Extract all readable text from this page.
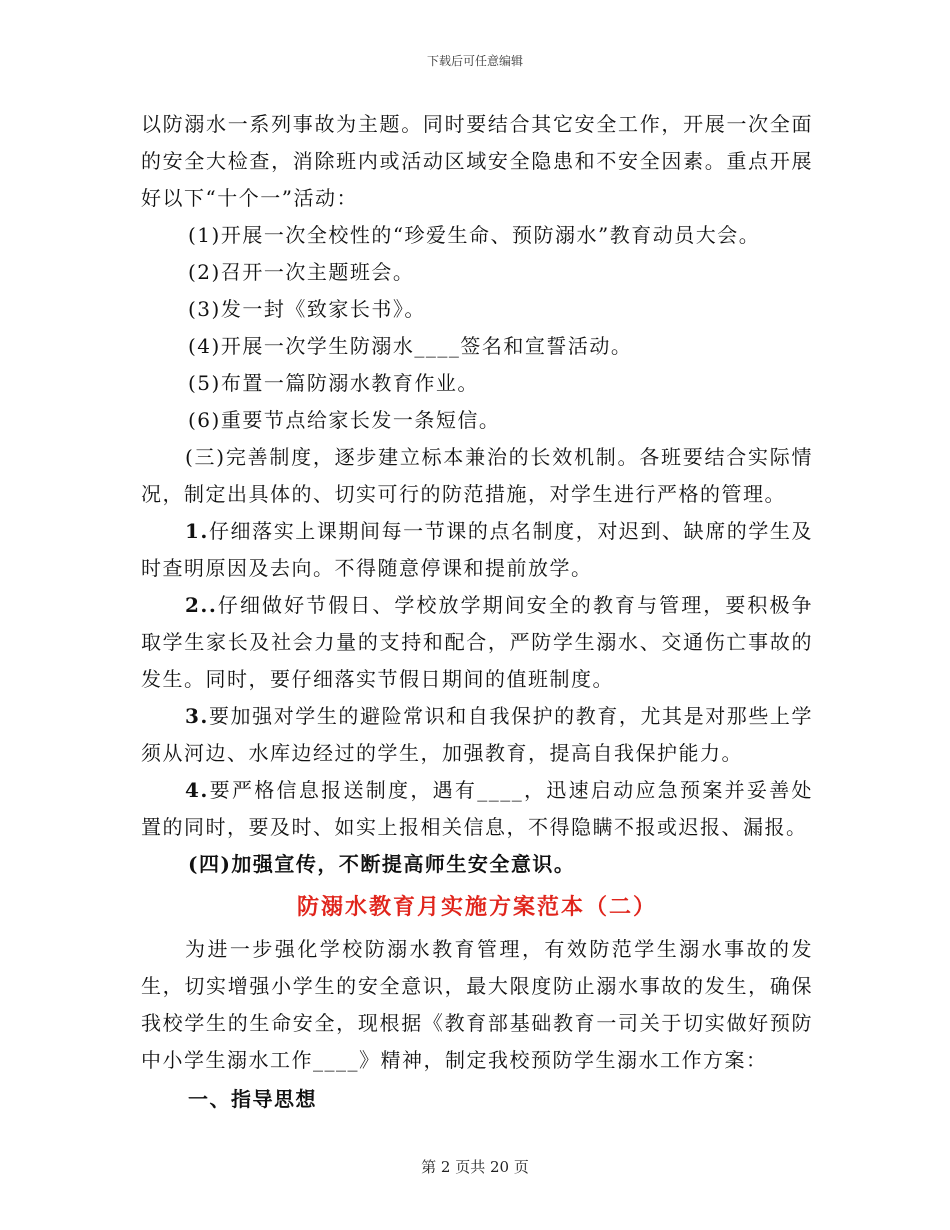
下载后可任意编辑

以防溺水一系列事故为主题。同时要结合其它安全工作，开展一次全面的安全大检查，消除班内或活动区域安全隐患和不安全因素。重点开展好以下“十个一”活动：

(1)开展一次全校性的“珍爱生命、预防溺水”教育动员大会。

(2)召开一次主题班会。

(3)发一封《致家长书》。

(4)开展一次学生防溺水____签名和宣誓活动。

(5)布置一篇防溺水教育作业。

(6)重要节点给家长发一条短信。

(三)完善制度，逐步建立标本兼治的长效机制。各班要结合实际情况，制定出具体的、切实可行的防范措施，对学生进行严格的管理。

1.仔细落实上课期间每一节课的点名制度，对迟到、缺席的学生及时查明原因及去向。不得随意停课和提前放学。

2..仔细做好节假日、学校放学期间安全的教育与管理，要积极争取学生家长及社会力量的支持和配合，严防学生溺水、交通伤亡事故的发生。同时，要仔细落实节假日期间的值班制度。

3.要加强对学生的避险常识和自我保护的教育，尤其是对那些上学须从河边、水库边经过的学生，加强教育，提高自我保护能力。

4.要严格信息报送制度，遇有____，迅速启动应急预案并妥善处置的同时，要及时、如实上报相关信息，不得隐瞒不报或迟报、漏报。

(四)加强宣传，不断提高师生安全意识。

防溺水教育月实施方案范本（二）

为进一步强化学校防溺水教育管理，有效防范学生溺水事故的发生，切实增强小学生的安全意识，最大限度防止溺水事故的发生，确保我校学生的生命安全，现根据《教育部基础教育一司关于切实做好预防中小学生溺水工作____》精神，制定我校预防学生溺水工作方案：

一、指导思想

第 2 页共 20 页
